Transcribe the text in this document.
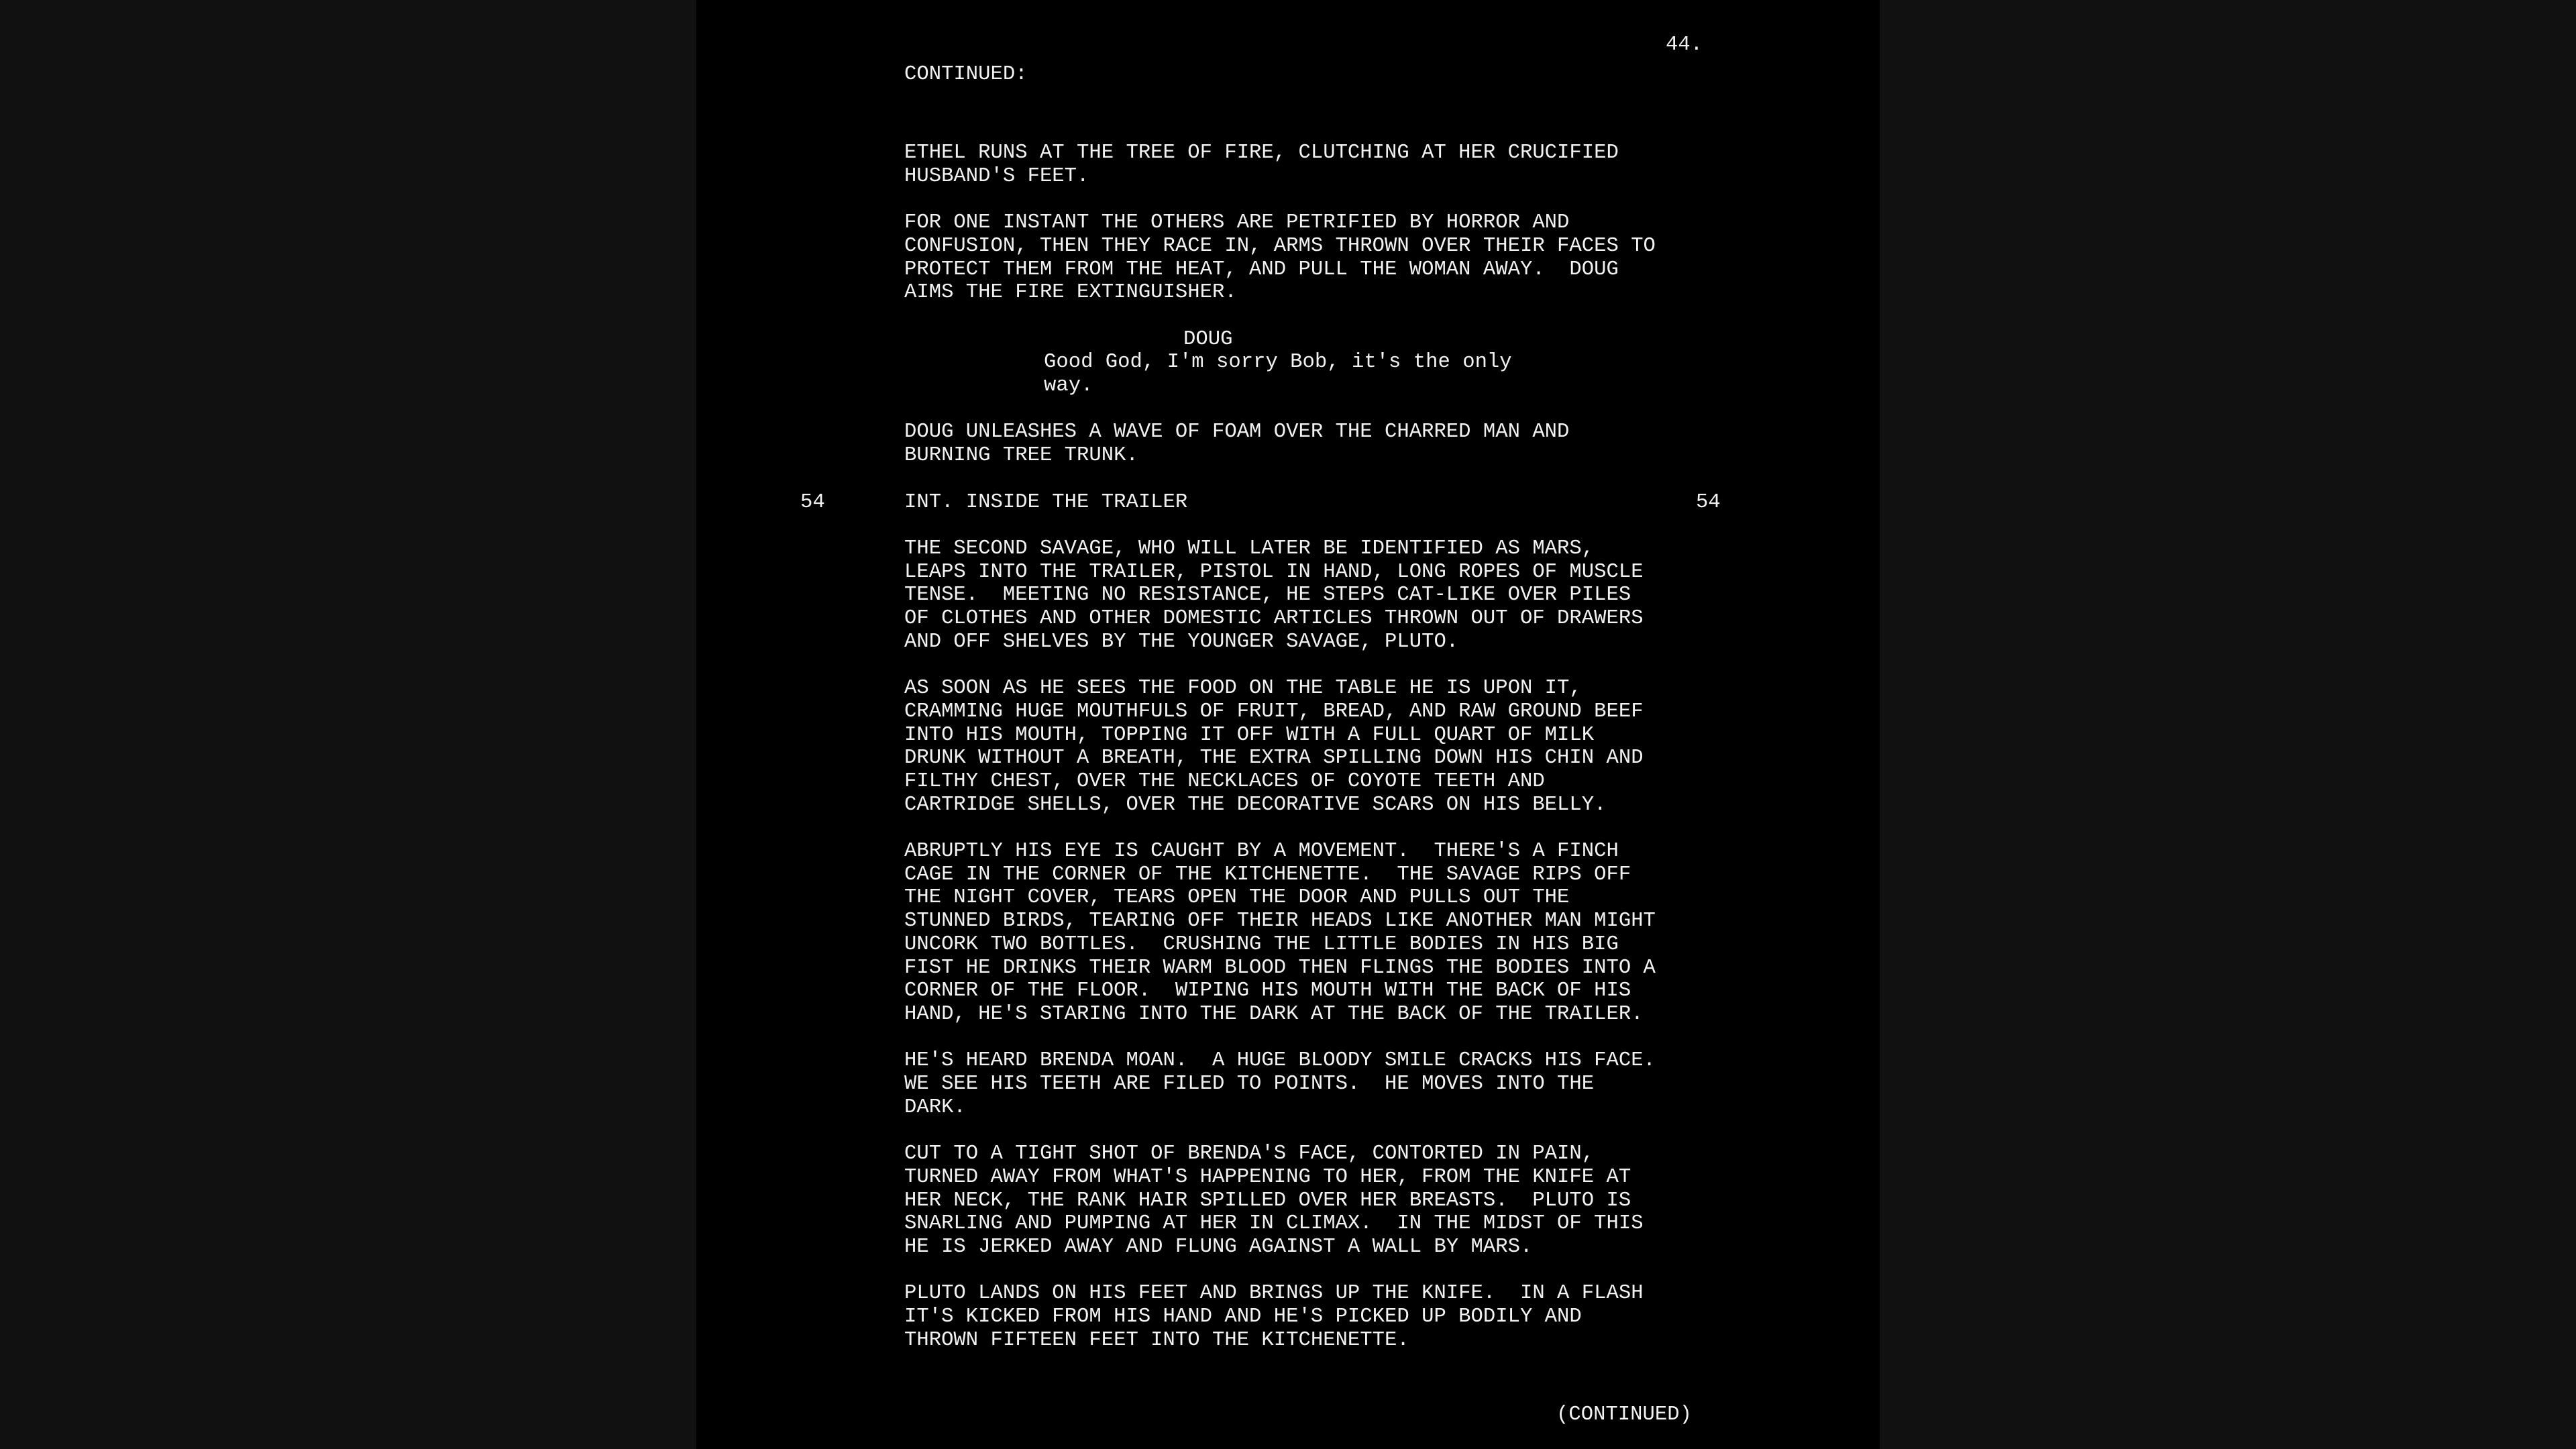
44.

CONTINUED:

(CONTINUED)

ETHEL RUNS AT THE TREE OF FIRE, CLUTCHING AT HER CRUCIFIED

HUSBAND'S FEET.

FOR ONE INSTANT THE OTHERS ARE PETRIFIED BY HORROR AND

CONFUSION, THEN THEY RACE IN, ARMS THROWN OVER THEIR FACES TO

PROTECT THEM FROM THE HEAT, AND PULL THE WOMAN AWAY.  DOUG

AIMS THE FIRE EXTINGUISHER.

DOUG

Good God, I'm sorry Bob, it's the only

way.

DOUG UNLEASHES A WAVE OF FOAM OVER THE CHARRED MAN AND

BURNING TREE TRUNK.

54	INT. INSIDE THE TRAILER	54

THE SECOND SAVAGE, WHO WILL LATER BE IDENTIFIED AS MARS,

LEAPS INTO THE TRAILER, PISTOL IN HAND, LONG ROPES OF MUSCLE

TENSE.  MEETING NO RESISTANCE, HE STEPS CAT-LIKE OVER PILES

OF CLOTHES AND OTHER DOMESTIC ARTICLES THROWN OUT OF DRAWERS

AND OFF SHELVES BY THE YOUNGER SAVAGE, PLUTO.

AS SOON AS HE SEES THE FOOD ON THE TABLE HE IS UPON IT,

CRAMMING HUGE MOUTHFULS OF FRUIT, BREAD, AND RAW GROUND BEEF

INTO HIS MOUTH, TOPPING IT OFF WITH A FULL QUART OF MILK

DRUNK WITHOUT A BREATH, THE EXTRA SPILLING DOWN HIS CHIN AND

FILTHY CHEST, OVER THE NECKLACES OF COYOTE TEETH AND

CARTRIDGE SHELLS, OVER THE DECORATIVE SCARS ON HIS BELLY.

ABRUPTLY HIS EYE IS CAUGHT BY A MOVEMENT.  THERE'S A FINCH

CAGE IN THE CORNER OF THE KITCHENETTE.  THE SAVAGE RIPS OFF

THE NIGHT COVER, TEARS OPEN THE DOOR AND PULLS OUT THE

STUNNED BIRDS, TEARING OFF THEIR HEADS LIKE ANOTHER MAN MIGHT

UNCORK TWO BOTTLES.  CRUSHING THE LITTLE BODIES IN HIS BIG

FIST HE DRINKS THEIR WARM BLOOD THEN FLINGS THE BODIES INTO A

CORNER OF THE FLOOR.  WIPING HIS MOUTH WITH THE BACK OF HIS

HAND, HE'S STARING INTO THE DARK AT THE BACK OF THE TRAILER.

HE'S HEARD BRENDA MOAN.  A HUGE BLOODY SMILE CRACKS HIS FACE.

WE SEE HIS TEETH ARE FILED TO POINTS.  HE MOVES INTO THE

DARK.

CUT TO A TIGHT SHOT OF BRENDA'S FACE, CONTORTED IN PAIN,

TURNED AWAY FROM WHAT'S HAPPENING TO HER, FROM THE KNIFE AT

HER NECK, THE RANK HAIR SPILLED OVER HER BREASTS.  PLUTO IS

SNARLING AND PUMPING AT HER IN CLIMAX.  IN THE MIDST OF THIS

HE IS JERKED AWAY AND FLUNG AGAINST A WALL BY MARS.

PLUTO LANDS ON HIS FEET AND BRINGS UP THE KNIFE.  IN A FLASH

IT'S KICKED FROM HIS HAND AND HE'S PICKED UP BODILY AND

THROWN FIFTEEN FEET INTO THE KITCHENETTE.
